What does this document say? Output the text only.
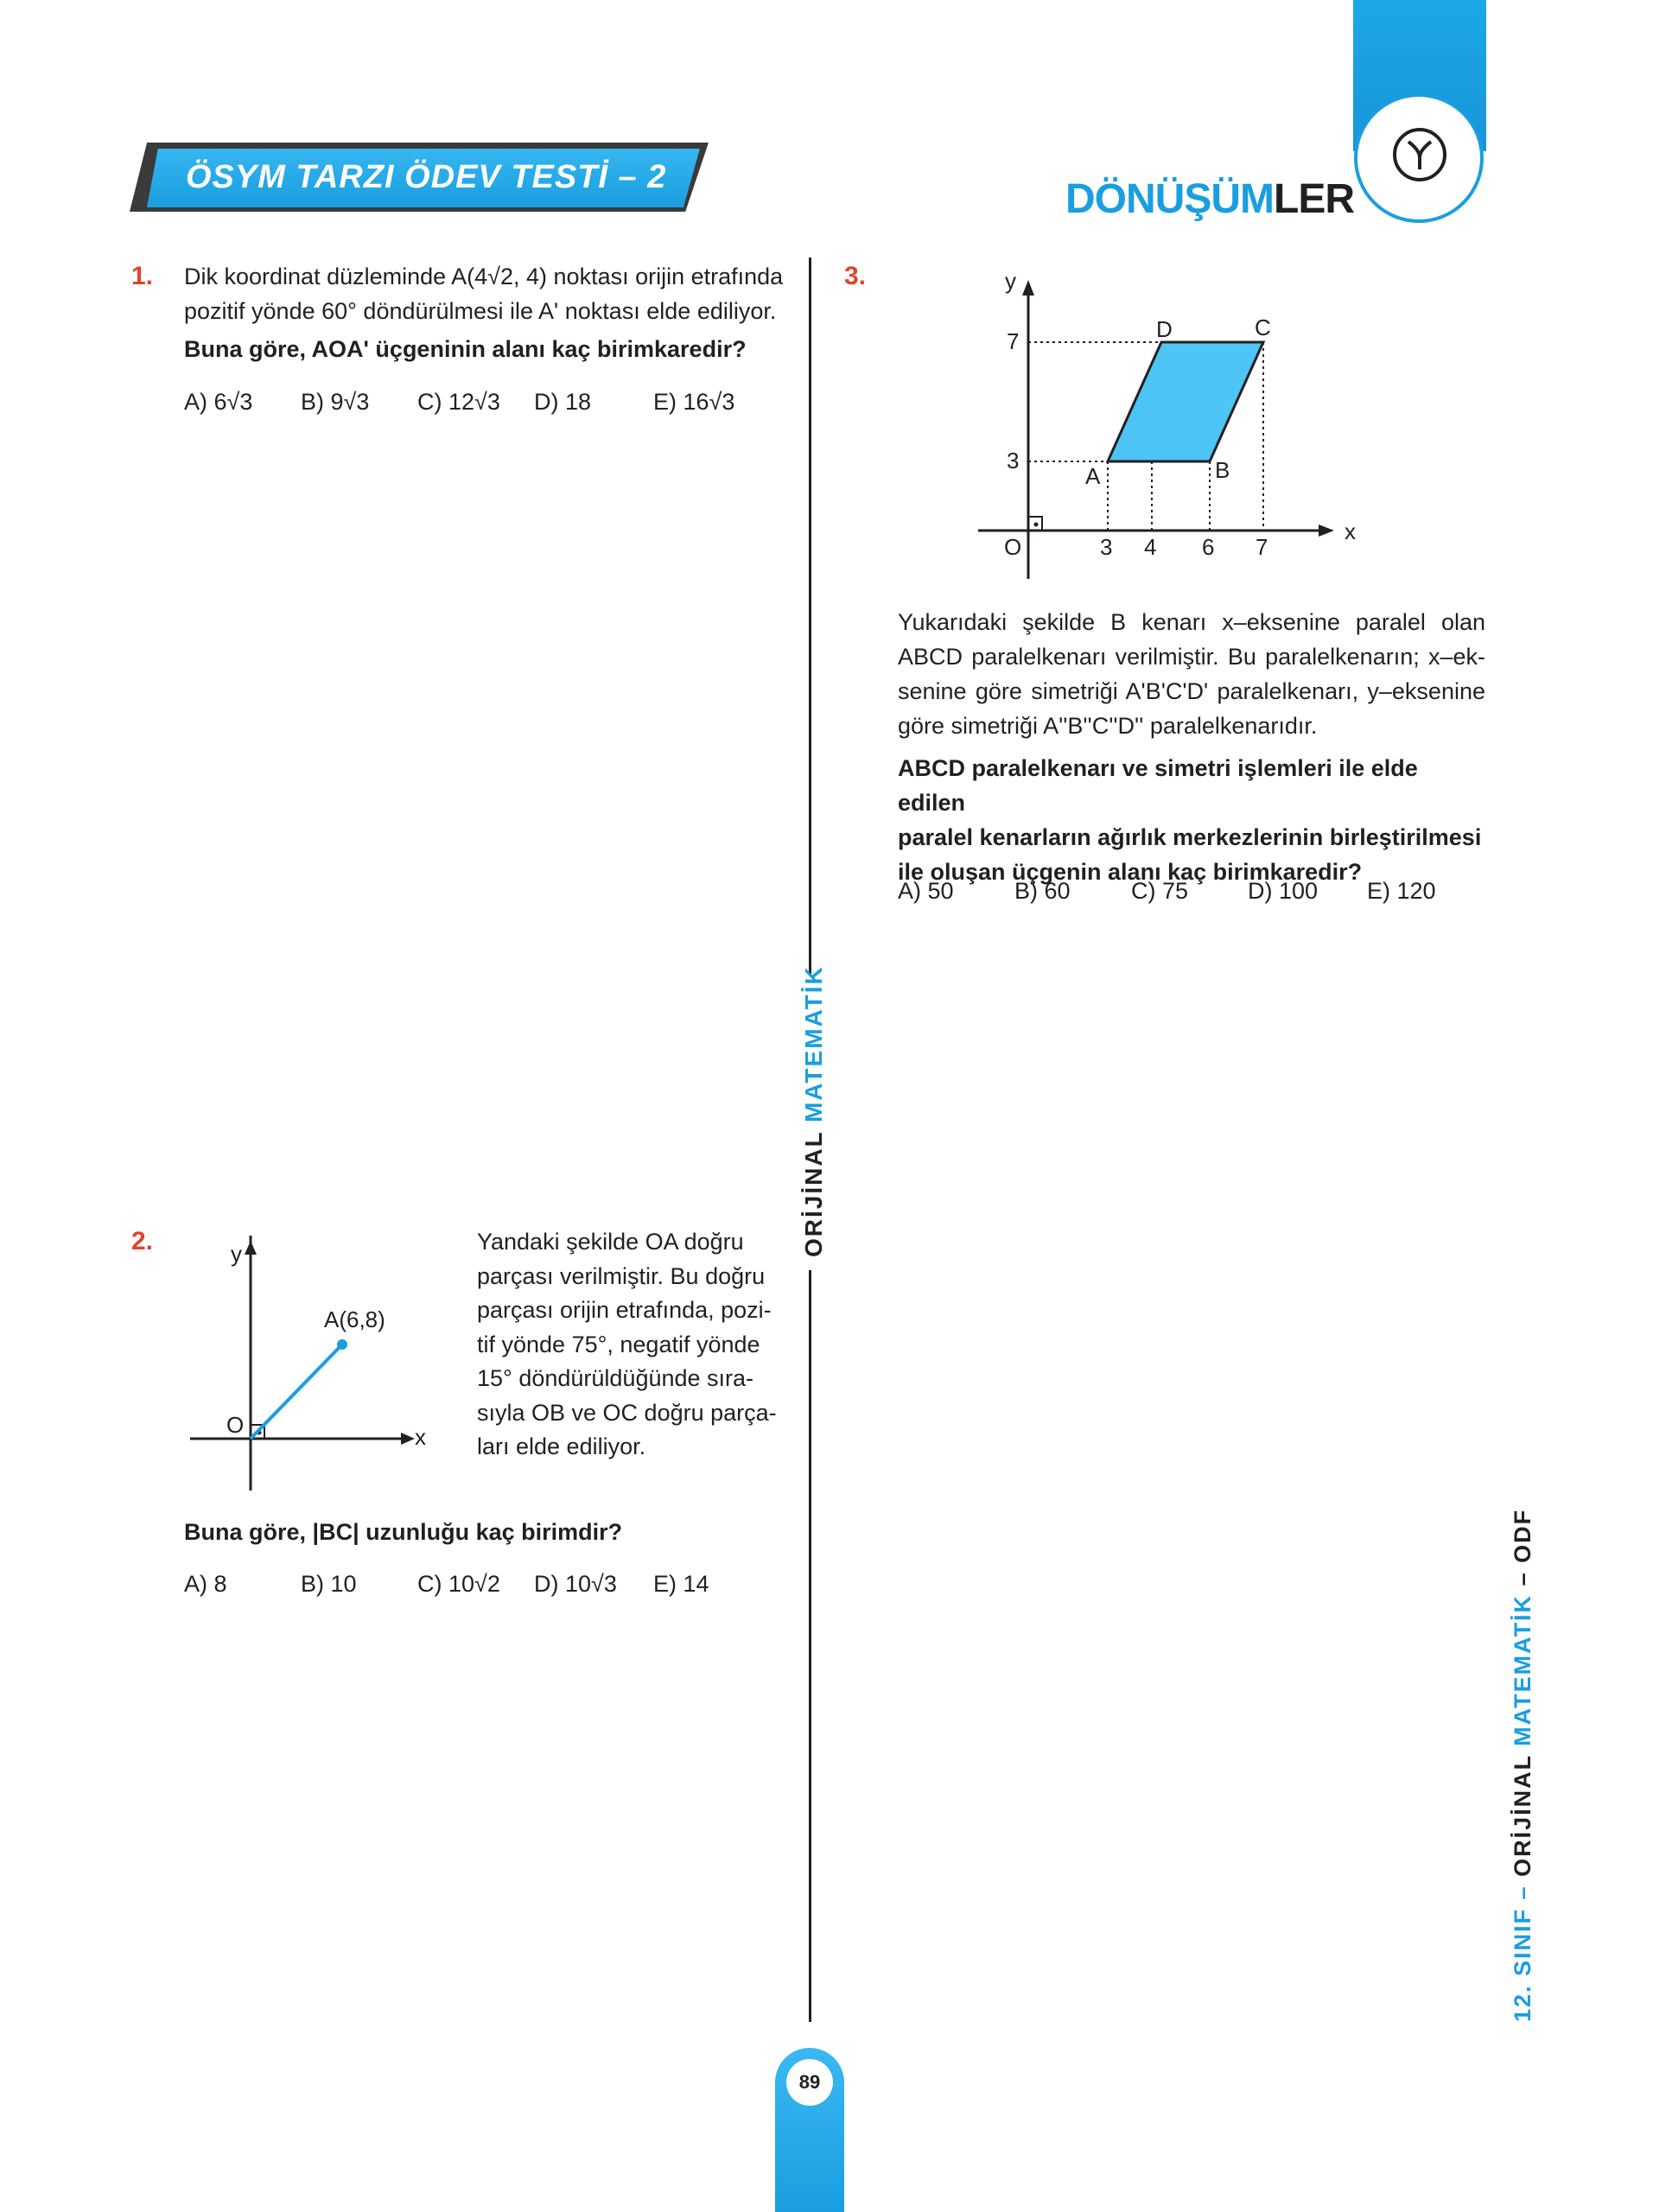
ÖSYM TARZI ÖDEV TESTİ – 2	DÖNÜŞÜMLER
1. Dik koordinat düzleminde A(4√2, 4) noktası orijin etrafında
pozitif yönde 60° döndürülmesi ile A' noktası elde ediliyor.
Buna göre, AOA' üçgeninin alanı kaç birimkaredir?
A) 6√3 B) 9√3 C) 12√3 D) 18	E) 16√3
2.	y
x
O
A(6,8)
Yandaki şekilde OA doğru
parçası verilmiştir. Bu doğru
parçası orijin etrafında, pozi-
tif yönde 75°, negatif yönde
15° döndürüldüğünde sıra-
sıyla OB ve OC doğru parça-
ları elde ediliyor.
Buna göre, |BC| uzunluğu kaç birimdir?
A) 8	B) 10	C) 10√2 D) 10√3 E) 14
ORİJİNAL MATEMATİK
3.	y
x
O
7
3
3 4 6 7
A	B
C
D
Yukarıdaki şekilde B kenarı x–eksenine paralel olan
ABCD paralelkenarı verilmiştir. Bu paralelkenarın; x–ek-
senine göre simetriği A'B'C'D' paralelkenarı, y–eksenine
göre simetriği A''B''C''D'' paralelkenarıdır.
ABCD paralelkenarı ve simetri işlemleri ile elde edilen
paralel kenarların ağırlık merkezlerinin birleştirilmesi
ile oluşan üçgenin alanı kaç birimkaredir?
A) 50	B) 60	C) 75	D) 100 E) 120
12. SINIF – ORİJİNAL MATEMATİK – ODF
89
